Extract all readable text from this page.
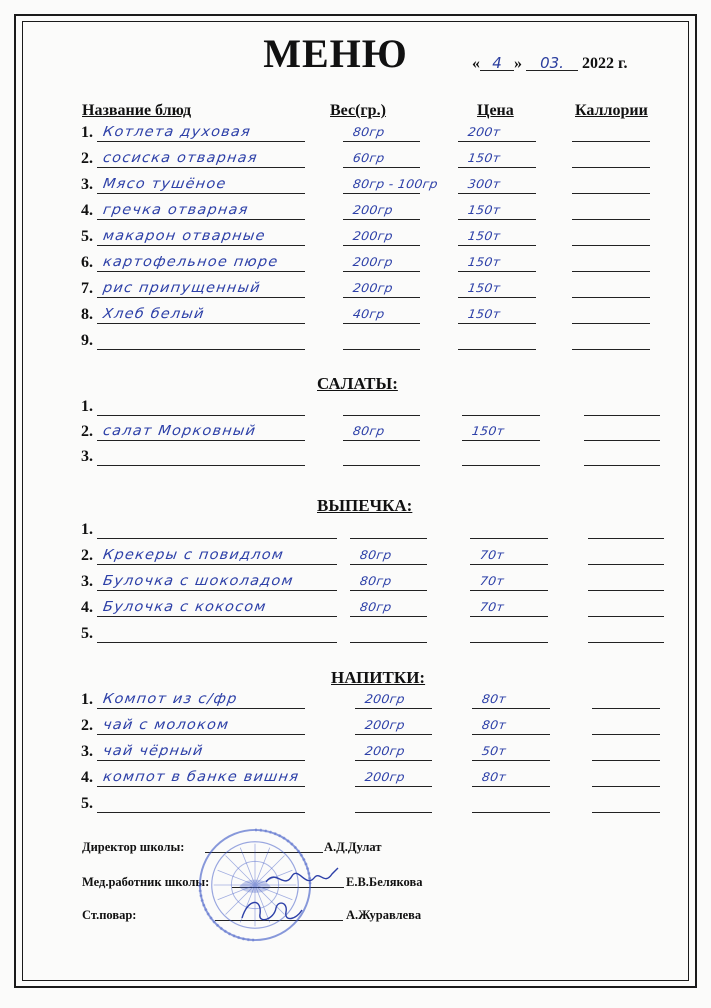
МЕНЮ	« 4 » 03. 2022 г.
Название блюд	Вес(гр.)	Цена	Каллории
1. Котлета духовая	80гр	200т
2. сосиска отварная	60гр	150т
3. Мясо тушёное	80гр - 100гр	300т
4. гречка отварная	200гр	150т
5. макарон отварные	200гр	150т
6. картофельное пюре	200гр	150т
7. рис припущенный	200гр	150т
8. Хлеб белый	40гр	150т
9.
САЛАТЫ:
1.
2. салат Морковный	80гр	150т
3.
ВЫПЕЧКА:
1.
2. Крекеры с повидлом	80гр	70т
3. Булочка с шоколадом	80гр	70т
4. Булочка с кокосом	80гр	70т
5.
НАПИТКИ:
1. Компот из с/фр	200гр	80т
2. чай с молоком	200гр	80т
3. чай чёрный	200гр	50т
4. компот в банке вишня	200гр	80т
5.
Директор школы:	А.Д.Дулат
Мед.работник школы:	Е.В.Белякова
Ст.повар:	А.Журавлева
